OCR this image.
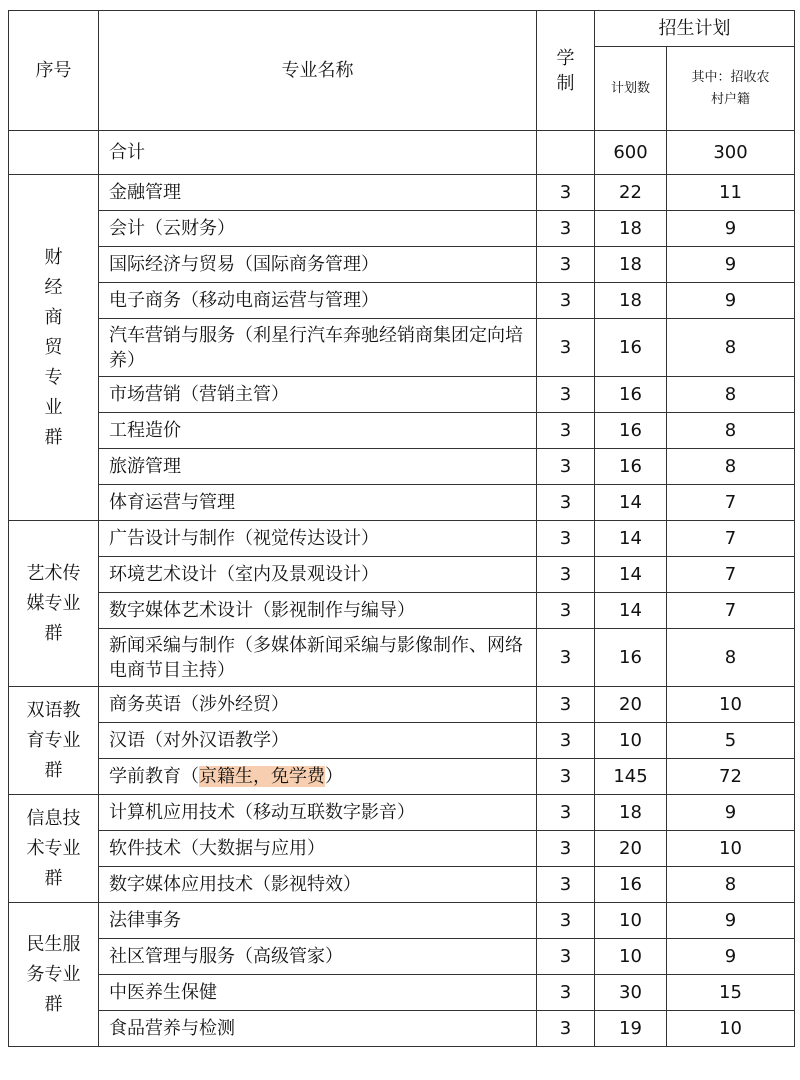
序号	专业名称	学制	招生计划	
			计划数	其中：招收农村户籍
	合计		600	300
财经商贸专业群	金融管理	3	22	11
	会计（云财务）	3	18	9
	国际经济与贸易（国际商务管理）	3	18	9
	电子商务（移动电商运营与管理）	3	18	9
	汽车营销与服务（利星行汽车奔驰经销商集团定向培养）	3	16	8
	市场营销（营销主管）	3	16	8
	工程造价	3	16	8
	旅游管理	3	16	8
	体育运营与管理	3	14	7
艺术传媒专业群	广告设计与制作（视觉传达设计）	3	14	7
	环境艺术设计（室内及景观设计）	3	14	7
	数字媒体艺术设计（影视制作与编导）	3	14	7
	新闻采编与制作（多媒体新闻采编与影像制作、网络电商节目主持）	3	16	8
双语教育专业群	商务英语（涉外经贸）	3	20	10
	汉语（对外汉语教学）	3	10	5
	学前教育（京籍生，免学费）	3	145	72
信息技术专业群	计算机应用技术（移动互联数字影音）	3	18	9
	软件技术（大数据与应用）	3	20	10
	数字媒体应用技术（影视特效）	3	16	8
民生服务专业群	法律事务	3	10	9
	社区管理与服务（高级管家）	3	10	9
	中医养生保健	3	30	15
	食品营养与检测	3	19	10
